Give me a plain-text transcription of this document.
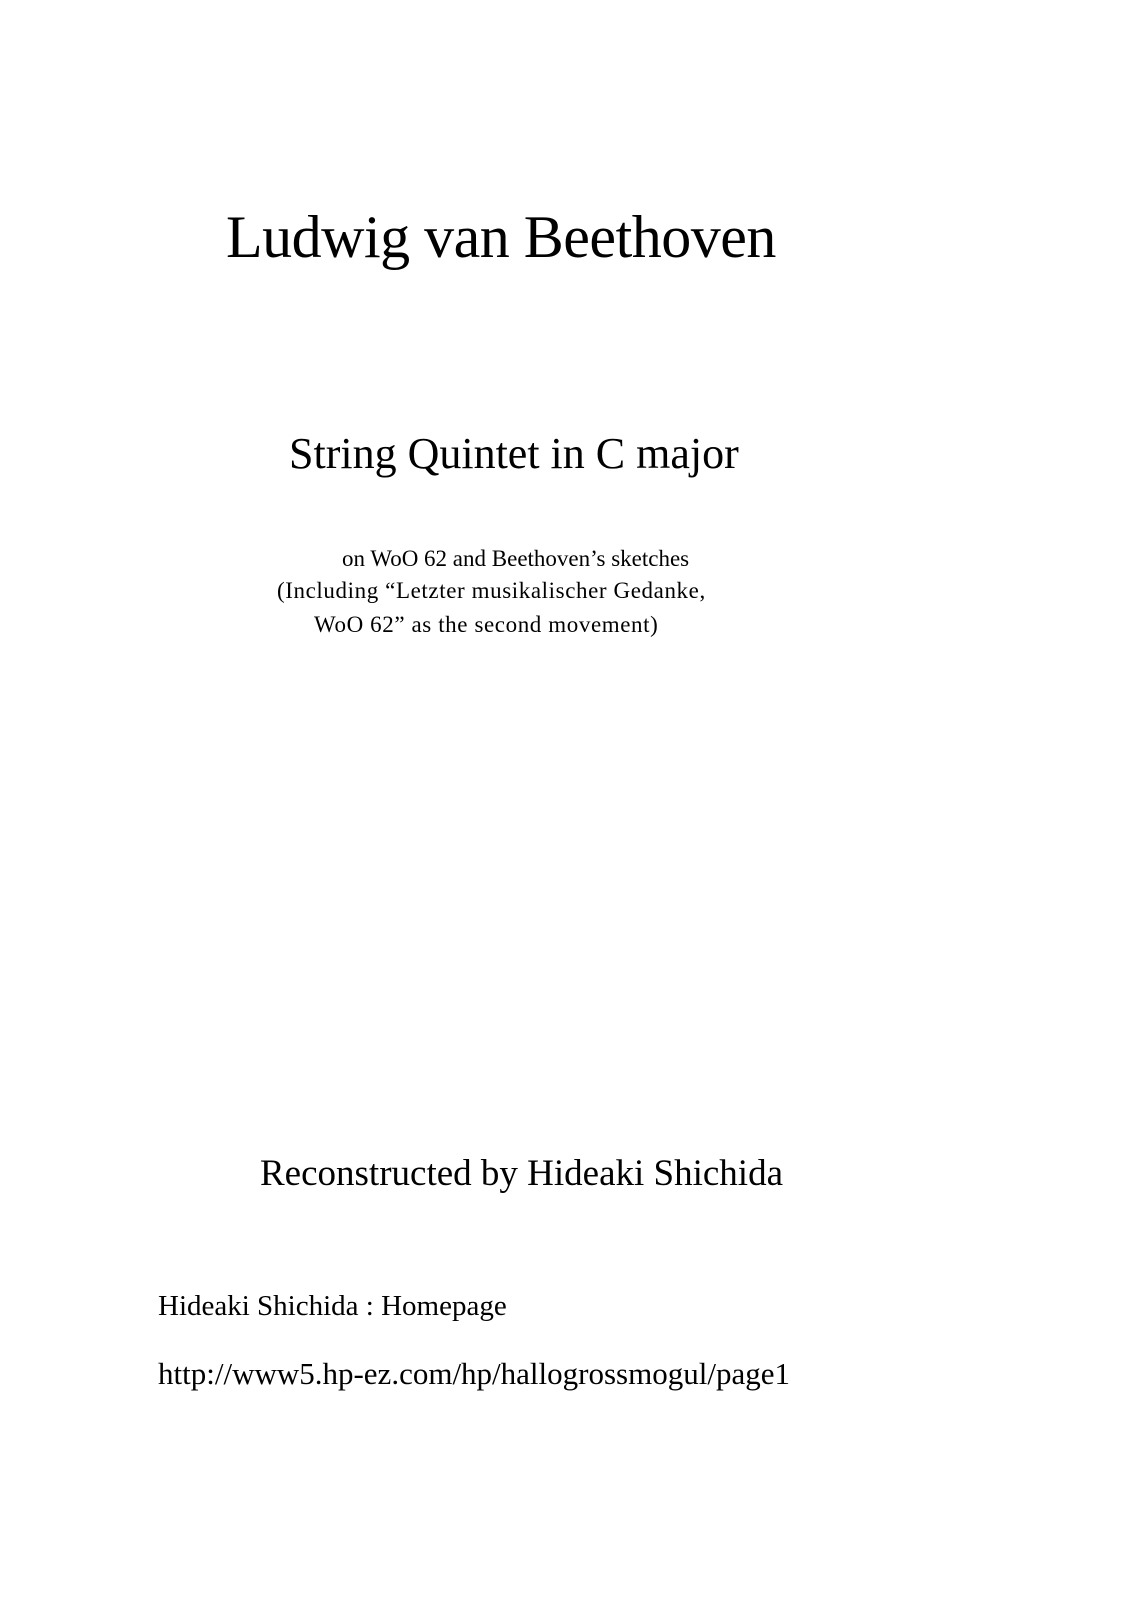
Ludwig van Beethoven
String Quintet in C major

on WoO 62 and Beethoven’s sketches

(Including “Letzter musikalischer Gedanke,

WoO 62” as the second movement)

Reconstructed by Hideaki Shichida

Hideaki Shichida : Homepage

http://www5.hp-ez.com/hp/hallogrossmogul/page1
